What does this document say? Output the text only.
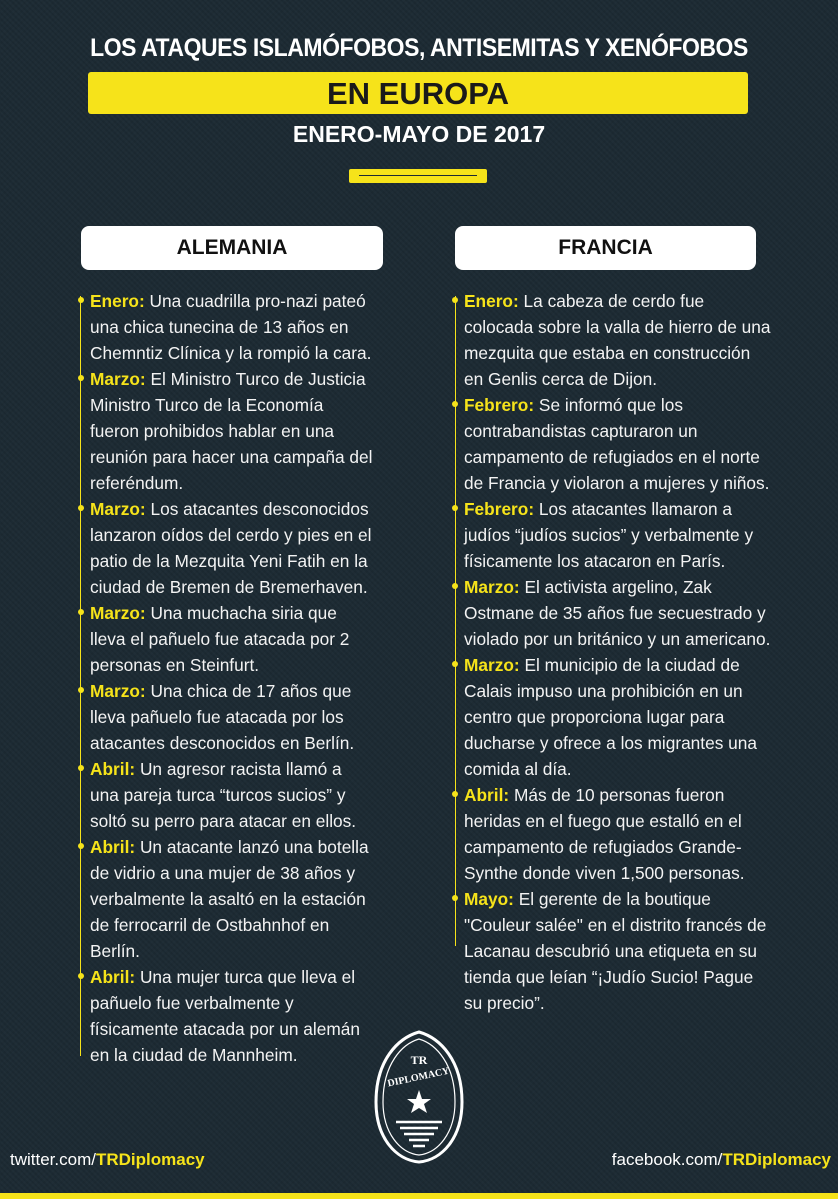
LOS ATAQUES ISLAMÓFOBOS, ANTISEMITAS Y XENÓFOBOS
EN EUROPA
ENERO-MAYO DE 2017
ALEMANIA	FRANCIA

Enero: Una cuadrilla pro-nazi pateó una chica tunecina de 13 años en Chemntiz Clínica y la rompió la cara.

Marzo: El Ministro Turco de Justicia Ministro Turco de la Economía fueron prohibidos hablar en una reunión para hacer una campaña del referéndum.

Marzo: Los atacantes desconocidos lanzaron oídos del cerdo y pies en el patio de la Mezquita Yeni Fatih en la ciudad de Bremen de Bremerhaven.

Marzo: Una muchacha siria que lleva el pañuelo fue atacada por 2 personas en Steinfurt.

Marzo: Una chica de 17 años que lleva pañuelo fue atacada por los atacantes desconocidos en Berlín.

Abril: Un agresor racista llamó a una pareja turca “turcos sucios” y soltó su perro para atacar en ellos.

Abril: Un atacante lanzó una botella de vidrio a una mujer de 38 años y verbalmente la asaltó en la estación de ferrocarril de Ostbahnhof en Berlín.

Abril: Una mujer turca que lleva el pañuelo fue verbalmente y físicamente atacada por un alemán en la ciudad de Mannheim.

Enero: La cabeza de cerdo fue colocada sobre la valla de hierro de una mezquita que estaba en construcción en Genlis cerca de Dijon.

Febrero: Se informó que los contrabandistas capturaron un campamento de refugiados en el norte de Francia y violaron a mujeres y niños.

Febrero: Los atacantes llamaron a judíos “judíos sucios” y verbalmente y físicamente los atacaron en París.

Marzo: El activista argelino, Zak Ostmane de 35 años fue secuestrado y violado por un británico y un americano.

Marzo: El municipio de la ciudad de Calais impuso una prohibición en un centro que proporciona lugar para ducharse y ofrece a los migrantes una comida al día.

Abril: Más de 10 personas fueron heridas en el fuego que estalló en el campamento de refugiados Grande-Synthe donde viven 1,500 personas.

Mayo: El gerente de la boutique "Couleur salée" en el distrito francés de Lacanau descubrió una etiqueta en su tienda que leían “¡Judío Sucio! Pague su precio”.

TR
DIPLOMACY
twitter.com/TRDiplomacy	facebook.com/TRDiplomacy
